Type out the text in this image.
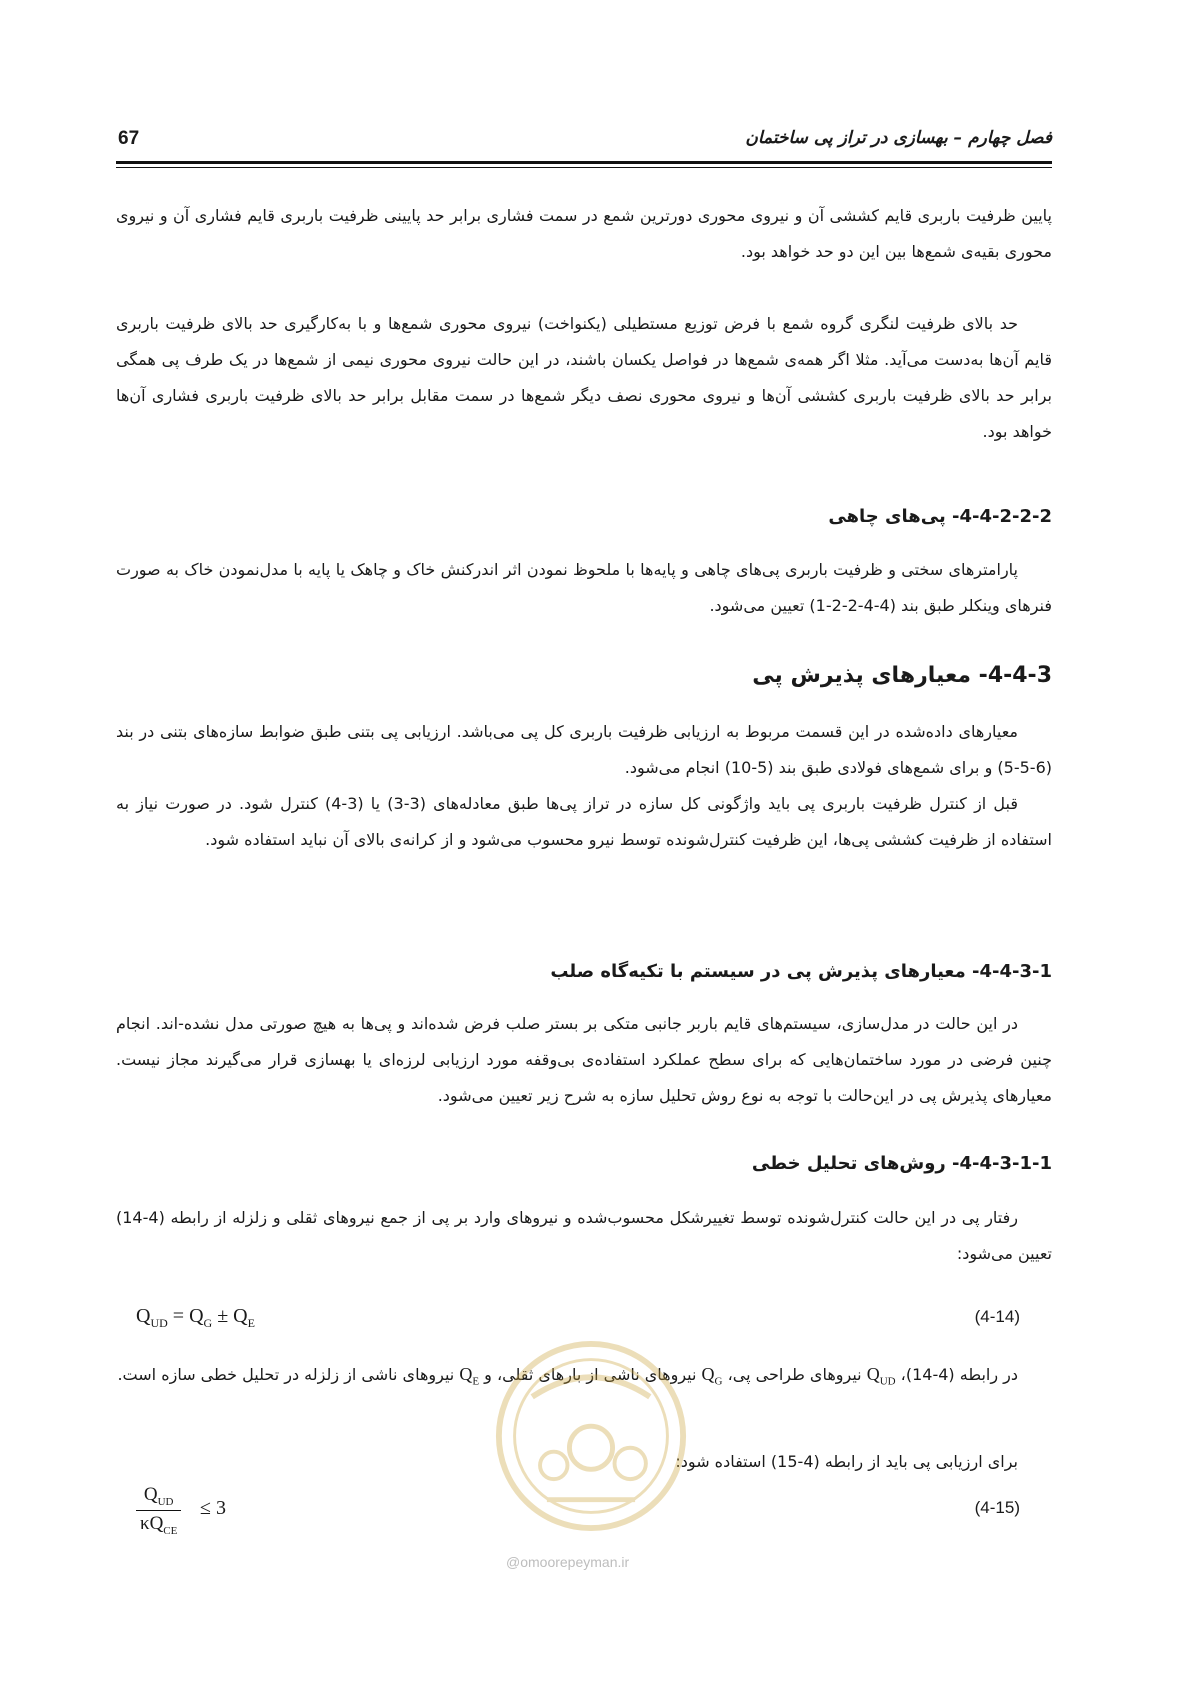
فصل چهارم – بهسازی در تراز پی ساختمان
67
پایین ظرفیت باربری قایم کششی آن و نیروی محوری دورترین شمع در سمت فشاری برابر حد پایینی ظرفیت باربری قایم فشاری آن و نیروی محوری بقیه‌ی شمع‌ها بین این دو حد خواهد بود.
حد بالای ظرفیت لنگری گروه شمع با فرض توزیع مستطیلی (یکنواخت) نیروی محوری شمع‌ها و با به‌کارگیری حد بالای ظرفیت باربری قایم آن‌ها به‌دست می‌آید. مثلا اگر همه‌ی شمع‌ها در فواصل یکسان باشند، در این حالت نیروی محوری نیمی از شمع‌ها در یک طرف پی همگی برابر حد بالای ظرفیت باربری کششی آن‌ها و نیروی محوری نصف دیگر شمع‌ها در سمت مقابل برابر حد بالای ظرفیت باربری فشاری آن‌ها خواهد بود.
4-4-2-2-2- پی‌های چاهی
پارامترهای سختی و ظرفیت باربری پی‌های چاهی و پایه‌ها با ملحوظ نمودن اثر اندرکنش خاک و چاهک یا پایه با مدل‌نمودن خاک به صورت فنرهای وینکلر طبق بند (4-4-2-2-1) تعیین می‌شود.
4-4-3- معیارهای پذیرش پی
معیارهای داده‌شده در این قسمت مربوط به ارزیابی ظرفیت باربری کل پی می‌باشد. ارزیابی پی بتنی طبق ضوابط سازه‌های بتنی در بند (6-5-5) و برای شمع‌های فولادی طبق بند (5-10) انجام می‌شود.
قبل از کنترل ظرفیت باربری پی باید واژگونی کل سازه در تراز پی‌ها طبق معادله‌های (3-3) یا (3-4) کنترل شود. در صورت نیاز به استفاده از ظرفیت کششی پی‌ها، این ظرفیت کنترل‌شونده توسط نیرو محسوب می‌شود و از کرانه‌ی بالای آن نباید استفاده شود.
4-4-3-1- معیارهای پذیرش پی در سیستم با تکیه‌گاه صلب
در این حالت در مدل‌سازی، سیستم‌های قایم باربر جانبی متکی بر بستر صلب فرض شده‌اند و پی‌ها به هیچ صورتی مدل نشده-اند. انجام چنین فرضی در مورد ساختمان‌هایی که برای سطح عملکرد استفاده‌ی بی‌وقفه مورد ارزیابی لرزه‌ای یا بهسازی قرار می‌گیرند مجاز نیست. معیارهای پذیرش پی در این‌حالت با توجه به نوع روش تحلیل سازه به شرح زیر تعیین می‌شود.
4-4-3-1-1- روش‌های تحلیل خطی
رفتار پی در این حالت کنترل‌شونده توسط تغییرشکل محسوب‌شده و نیروهای وارد بر پی از جمع نیروهای ثقلی و زلزله از رابطه (4-14) تعیین می‌شود:
$Q_{UD} = Q_G \pm Q_E$	(4-14)
در رابطه (4-14)، $Q_{UD}$ نیروهای طراحی پی، $Q_G$ نیروهای ناشی از بارهای ثقلی، و $Q_E$ نیروهای ناشی از زلزله در تحلیل خطی سازه است.
برای ارزیابی پی باید از رابطه (4-15) استفاده شود:
$Q_{UD}$
$\kappa Q_{CE}$
≤ 3	(4-15)
@omoorepeyman.ir
